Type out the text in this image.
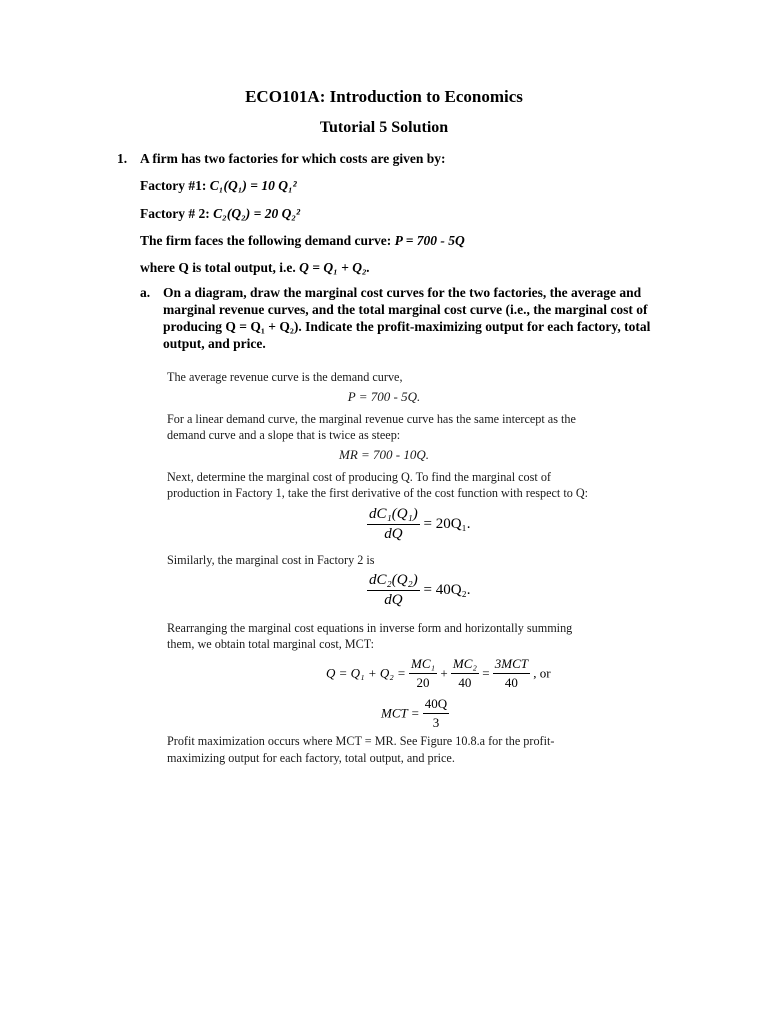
ECO101A: Introduction to Economics
Tutorial 5 Solution
1. A firm has two factories for which costs are given by:
Factory #1: C₁(Q₁) = 10 Q₁²
Factory # 2: C₂(Q₂) = 20 Q₂²
The firm faces the following demand curve: P = 700 - 5Q
where Q is total output, i.e. Q = Q₁ + Q₂.
a. On a diagram, draw the marginal cost curves for the two factories, the average and
marginal revenue curves, and the total marginal cost curve (i.e., the marginal cost of
producing Q = Q₁ + Q₂). Indicate the profit-maximizing output for each factory, total
output, and price.
The average revenue curve is the demand curve,
P = 700 - 5Q.
For a linear demand curve, the marginal revenue curve has the same intercept as the
demand curve and a slope that is twice as steep:
MR = 700 - 10Q.
Next, determine the marginal cost of producing Q. To find the marginal cost of
production in Factory 1, take the first derivative of the cost function with respect to Q:
$\frac{\text{dC₁(Q₁)}}{dQ} = 20Q_1$.
Similarly, the marginal cost in Factory 2 is
$\frac{\text{dC₂(Q₂)}}{dQ} = 40Q_2$.
Rearranging the marginal cost equations in inverse form and horizontally summing
them, we obtain total marginal cost, MCT:
$Q = Q_1 + Q_2 = \frac{\text{MC₁}}{20} + \frac{\text{MC₂}}{40} = \frac{\text{3MCT}}{40}$ , or
MCT = $\frac{40Q}{3}$
Profit maximization occurs where MCT = MR. See Figure 10.8.a for the profit-
maximizing output for each factory, total output, and price.
